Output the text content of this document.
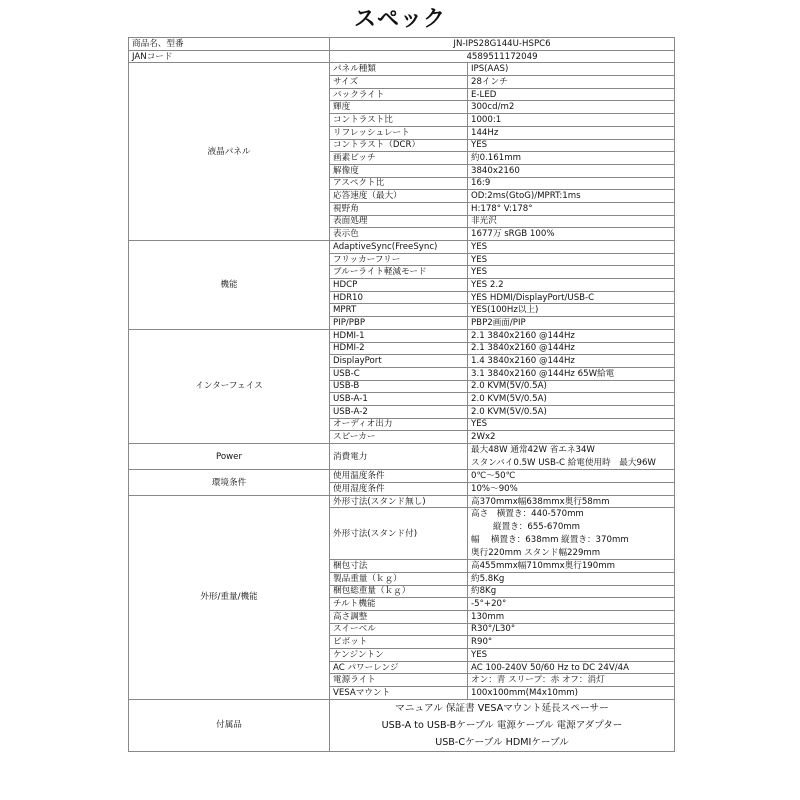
スペック
商品名、型番	JN-IPS28G144U-HSPC6	
JANコード	4589511172049	
液晶パネル	パネル種類	IPS(AAS)
	サイズ	28インチ
	バックライト	E-LED
	輝度	300cd/m2
	コントラスト比	1000:1
	リフレッシュレート	144Hz
	コントラスト（DCR）	YES
	画素ピッチ	約0.161mm
	解像度	3840x2160
	アスペクト比	16:9
	応答速度（最大）	OD:2ms(GtoG)/MPRT:1ms
	視野角	H:178° V:178°
	表面処理	非光沢
	表示色	1677万 sRGB 100%
機能	AdaptiveSync(FreeSync)	YES
	フリッカーフリー	YES
	ブルーライト軽減モード	YES
	HDCP	YES 2.2
	HDR10	YES HDMI/DisplayPort/USB-C
	MPRT	YES(100Hz以上)
	PIP/PBP	PBP2画面/PIP
インターフェイス	HDMI-1	2.1 3840x2160 @144Hz
	HDMI-2	2.1 3840x2160 @144Hz
	DisplayPort	1.4 3840x2160 @144Hz
	USB-C	3.1 3840x2160 @144Hz 65W給電
	USB-B	2.0 KVM(5V/0.5A)
	USB-A-1	2.0 KVM(5V/0.5A)
	USB-A-2	2.0 KVM(5V/0.5A)
	オーディオ出力	YES
	スピーカー	2Wx2
Power	消費電力	最大48W 通常42W 省エネ34W
スタンバイ0.5W USB-C 給電使用時　最大96W

環境条件	使用温度条件	0℃〜50℃
	使用湿度条件	10%〜90%
外形/重量/機能	外形寸法(スタンド無し)	高370mmx幅638mmx奥行58mm
	外形寸法(スタンド付)	高さ　横置き：440-570mm
縦置き：655-670mm
幅　 横置き：638mm 縦置き：370mm
奥行220mm スタンド幅229mm

	梱包寸法	高455mmx幅710mmx奥行190mm
	製品重量（ｋｇ）	約5.8Kg
	梱包総重量（ｋｇ）	約8Kg
	チルト機能	-5°+20°
	高さ調整	130mm
	スイーベル	R30°/L30°
	ピボット	R90°
	ケンジントン	YES
	AC パワーレンジ	AC 100-240V 50/60 Hz to DC 24V/4A
	電源ライト	オン：青 スリープ：赤 オフ：消灯
	VESAマウント	100x100mm(M4x10mm)
付属品	マニュアル 保証書 VESAマウント延長スペーサー
USB-A to USB-Bケーブル 電源ケーブル 電源アダプター
USB-Cケーブル HDMIケーブル	
